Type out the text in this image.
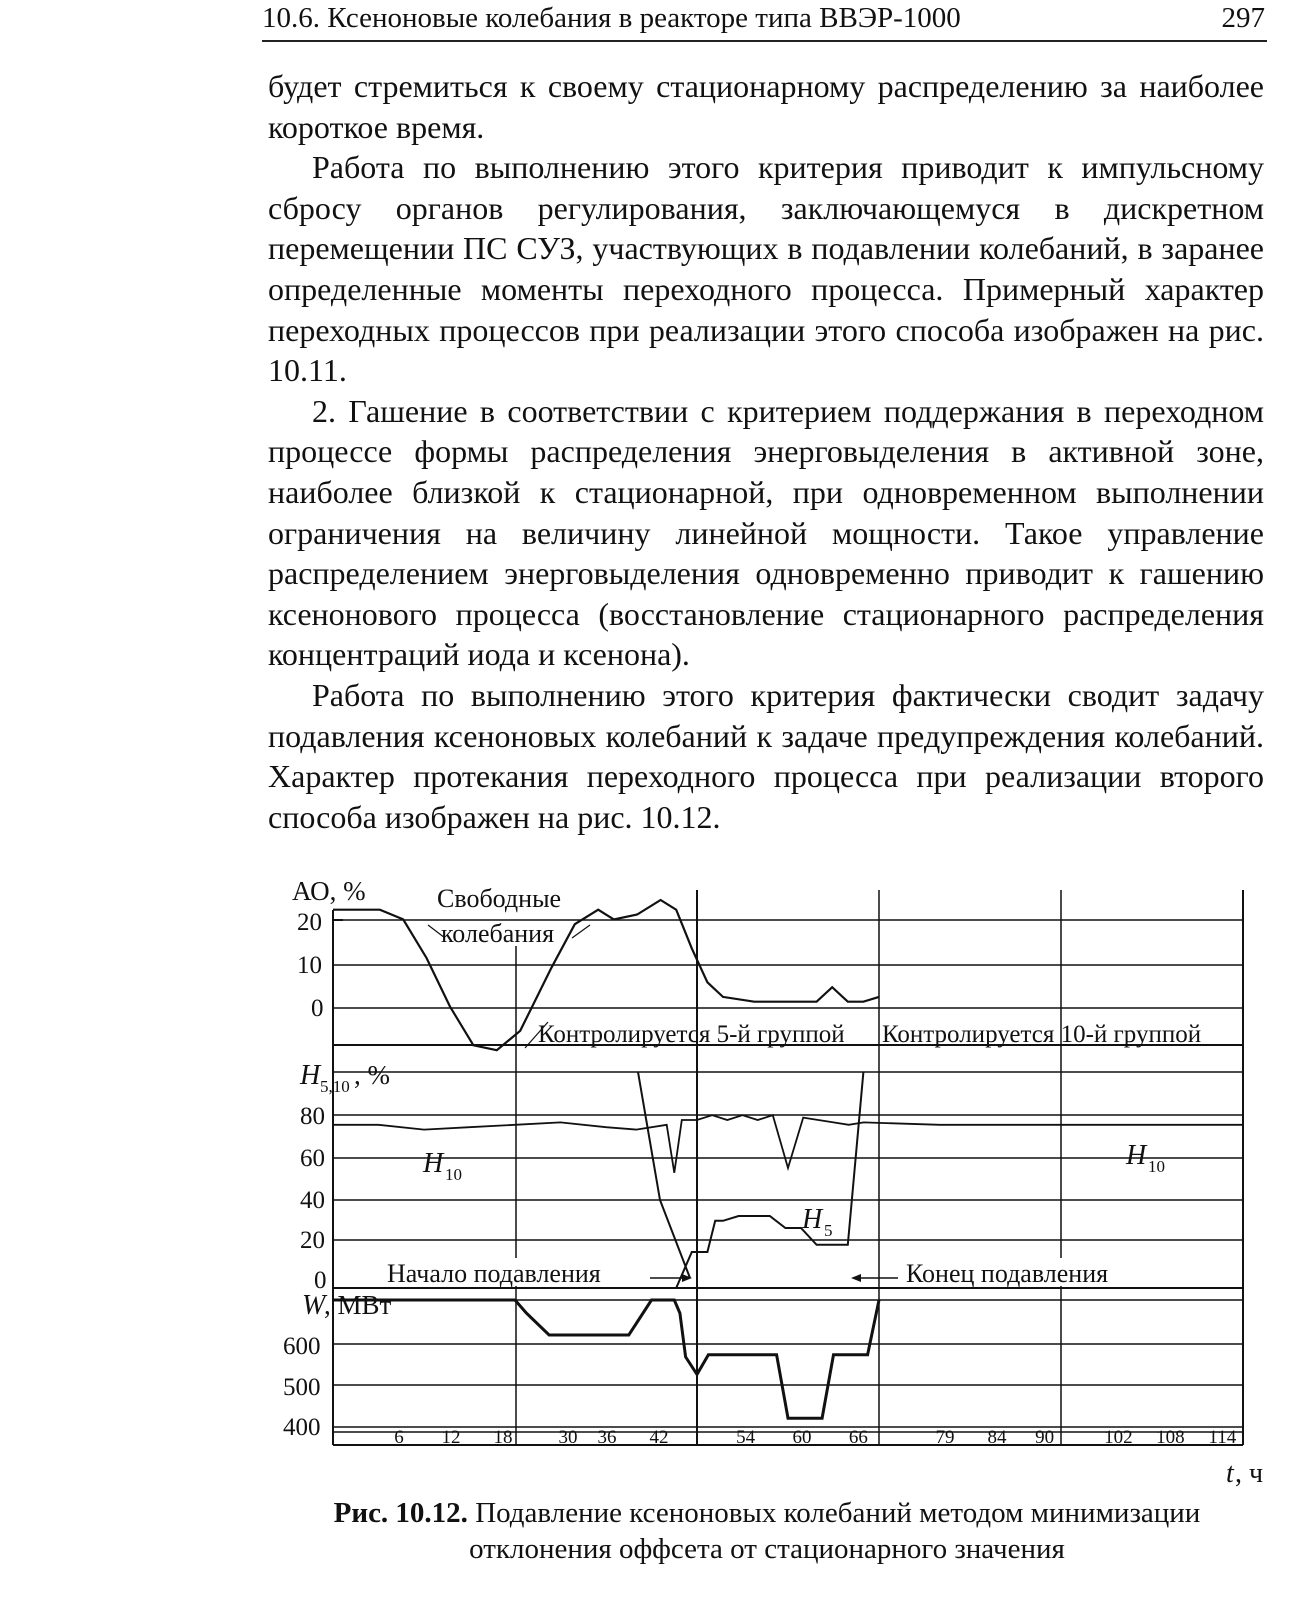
10.6. Ксеноновые колебания в реакторе типа ВВЭР-1000	297

будет стремиться к своему стационарному распределению за наиболее короткое время.

Работа по выполнению этого критерия приводит к импульсному сбросу органов регулирования, заключающемуся в дискретном перемещении ПС СУЗ, участвующих в подавлении колебаний, в заранее определенные моменты переходного процесса. Примерный характер переходных процессов при реализации этого способа изображен на рис. 10.11.

2. Гашение в соответствии с критерием поддержания в переходном процессе формы распределения энерговыделения в активной зоне, наиболее близкой к стационарной, при одновременном выполнении ограничения на величину линейной мощности. Такое управление распределением энерговыделения одновременно приводит к гашению ксенонового процесса (восстановление стационарного распределения концентраций иода и ксенона).

Работа по выполнению этого критерия фактически сводит задачу подавления ксеноновых колебаний к задаче предупреждения колебаний. Характер протекания переходного процесса при реализации второго способа изображен на рис. 10.12.

АО, %
20
10
0
Свободные
колебания
Контролируется 5-й группой Контролируется 10-й группой
H 5,10 , %
80
60
40
20
0
H 10
H 10
H 5
Начало подавления	Конец подавления
W
, МВт
600
500
400	6 12 18 30 36 42	54 60 66	79 84 90	102 108 114
t , ч
Рис. 10.12. Подавление ксеноновых колебаний методом минимизации отклонения оффсета от стационарного значения
